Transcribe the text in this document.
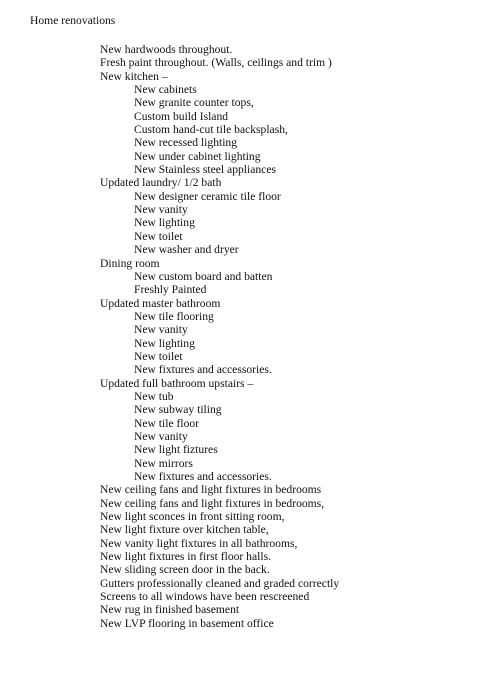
Home renovations
New hardwoods throughout.
Fresh paint throughout. (Walls, ceilings and trim )
New kitchen –
New cabinets
New granite counter tops,
Custom build Island
Custom hand-cut tile backsplash,
New recessed lighting
New under cabinet lighting
New Stainless steel appliances
Updated laundry/ 1/2 bath
New designer ceramic tile floor
New vanity
New lighting
New toilet
New washer and dryer
Dining room
New custom board and batten
Freshly Painted
Updated master bathroom
New tile flooring
New vanity
New lighting
New toilet
New fixtures and accessories.
Updated full bathroom upstairs –
New tub
New subway tiling
New tile floor
New vanity
New light fiztures
New mirrors
New fixtures and accessories.
New ceiling fans and light fixtures in bedrooms
New ceiling fans and light fixtures in bedrooms,
New light sconces in front sitting room,
New light fixture over kitchen table,
New vanity light fixtures in all bathrooms,
New light fixtures in first floor halls.
New sliding screen door in the back.
Gutters professionally cleaned and graded correctly
Screens to all windows have been rescreened
New rug in finished basement
New LVP flooring in basement office
